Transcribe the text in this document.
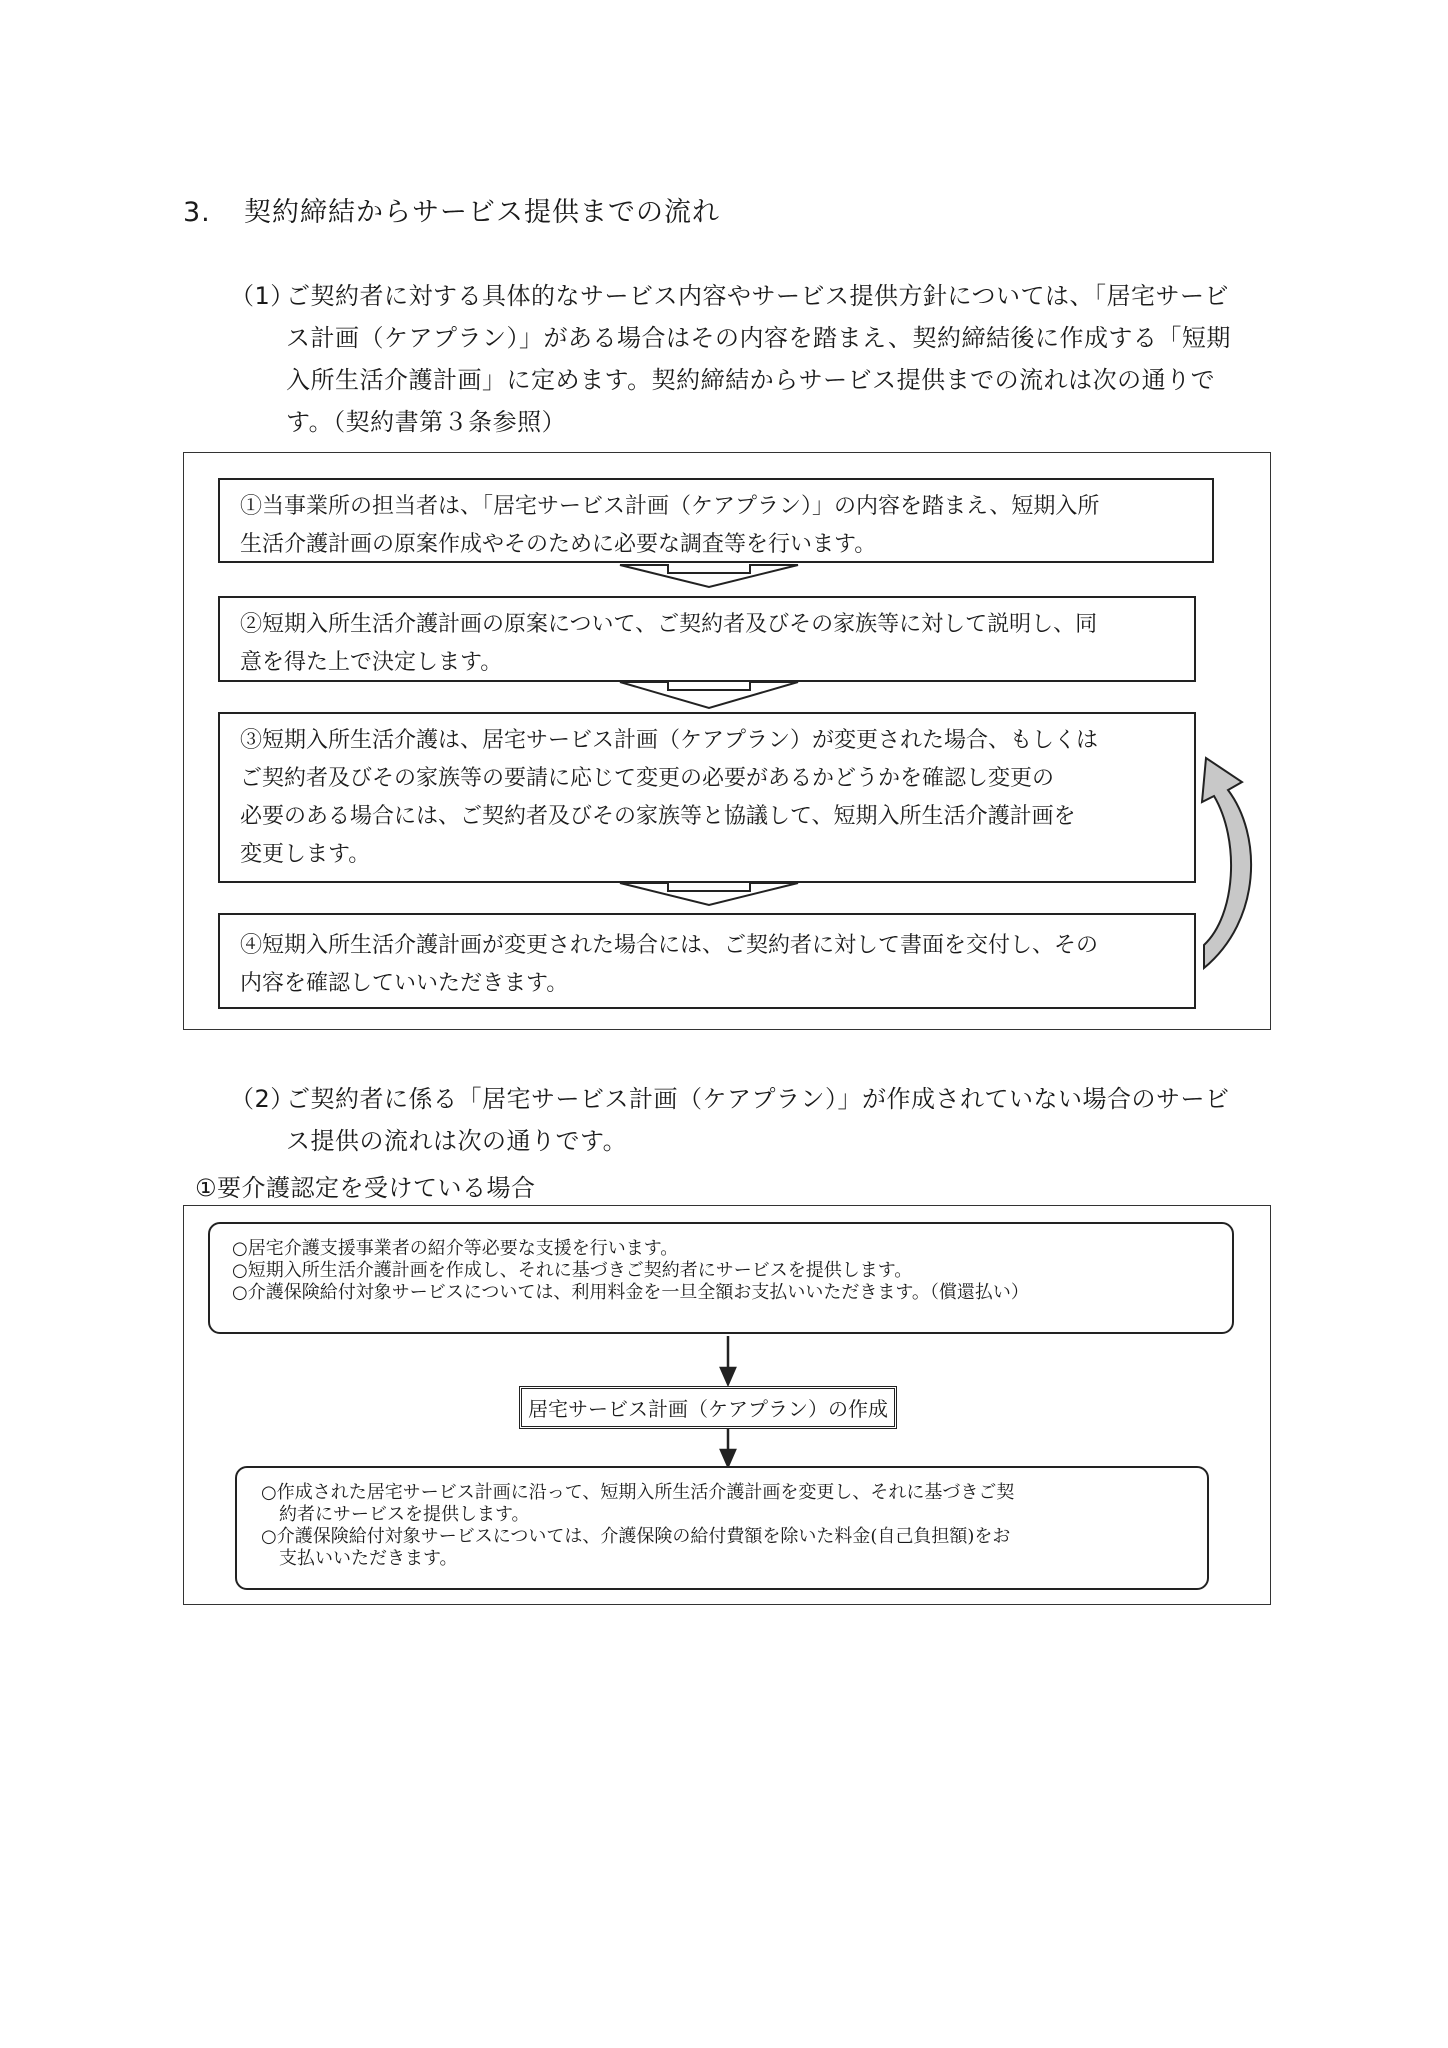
3. 契約締結からサービス提供までの流れ
（1）
ご契約者に対する具体的なサービス内容やサービス提供方針については、「居宅サービ
ス計画（ケアプラン）」がある場合はその内容を踏まえ、契約締結後に作成する「短期
入所生活介護計画」に定めます。契約締結からサービス提供までの流れは次の通りで
す。（契約書第３条参照）
①当事業所の担当者は、「居宅サービス計画（ケアプラン）」の内容を踏まえ、短期入所
生活介護計画の原案作成やそのために必要な調査等を行います。
②短期入所生活介護計画の原案について、ご契約者及びその家族等に対して説明し、同
意を得た上で決定します。
③短期入所生活介護は、居宅サービス計画（ケアプラン）が変更された場合、もしくは
ご契約者及びその家族等の要請に応じて変更の必要があるかどうかを確認し変更の
必要のある場合には、ご契約者及びその家族等と協議して、短期入所生活介護計画を
変更します。
④短期入所生活介護計画が変更された場合には、ご契約者に対して書面を交付し、その
内容を確認していいただきます。
（2）
ご契約者に係る「居宅サービス計画（ケアプラン）」が作成されていない場合のサービ
ス提供の流れは次の通りです。
①要介護認定を受けている場合
○居宅介護支援事業者の紹介等必要な支援を行います。
○短期入所生活介護計画を作成し、それに基づきご契約者にサービスを提供します。
○介護保険給付対象サービスについては、利用料金を一旦全額お支払いいただきます。（償還払い）
居宅サービス計画（ケアプラン）の作成
○作成された居宅サービス計画に沿って、短期入所生活介護計画を変更し、それに基づきご契
　約者にサービスを提供します。
○介護保険給付対象サービスについては、介護保険の給付費額を除いた料金(自己負担額)をお
　支払いいただきます。
